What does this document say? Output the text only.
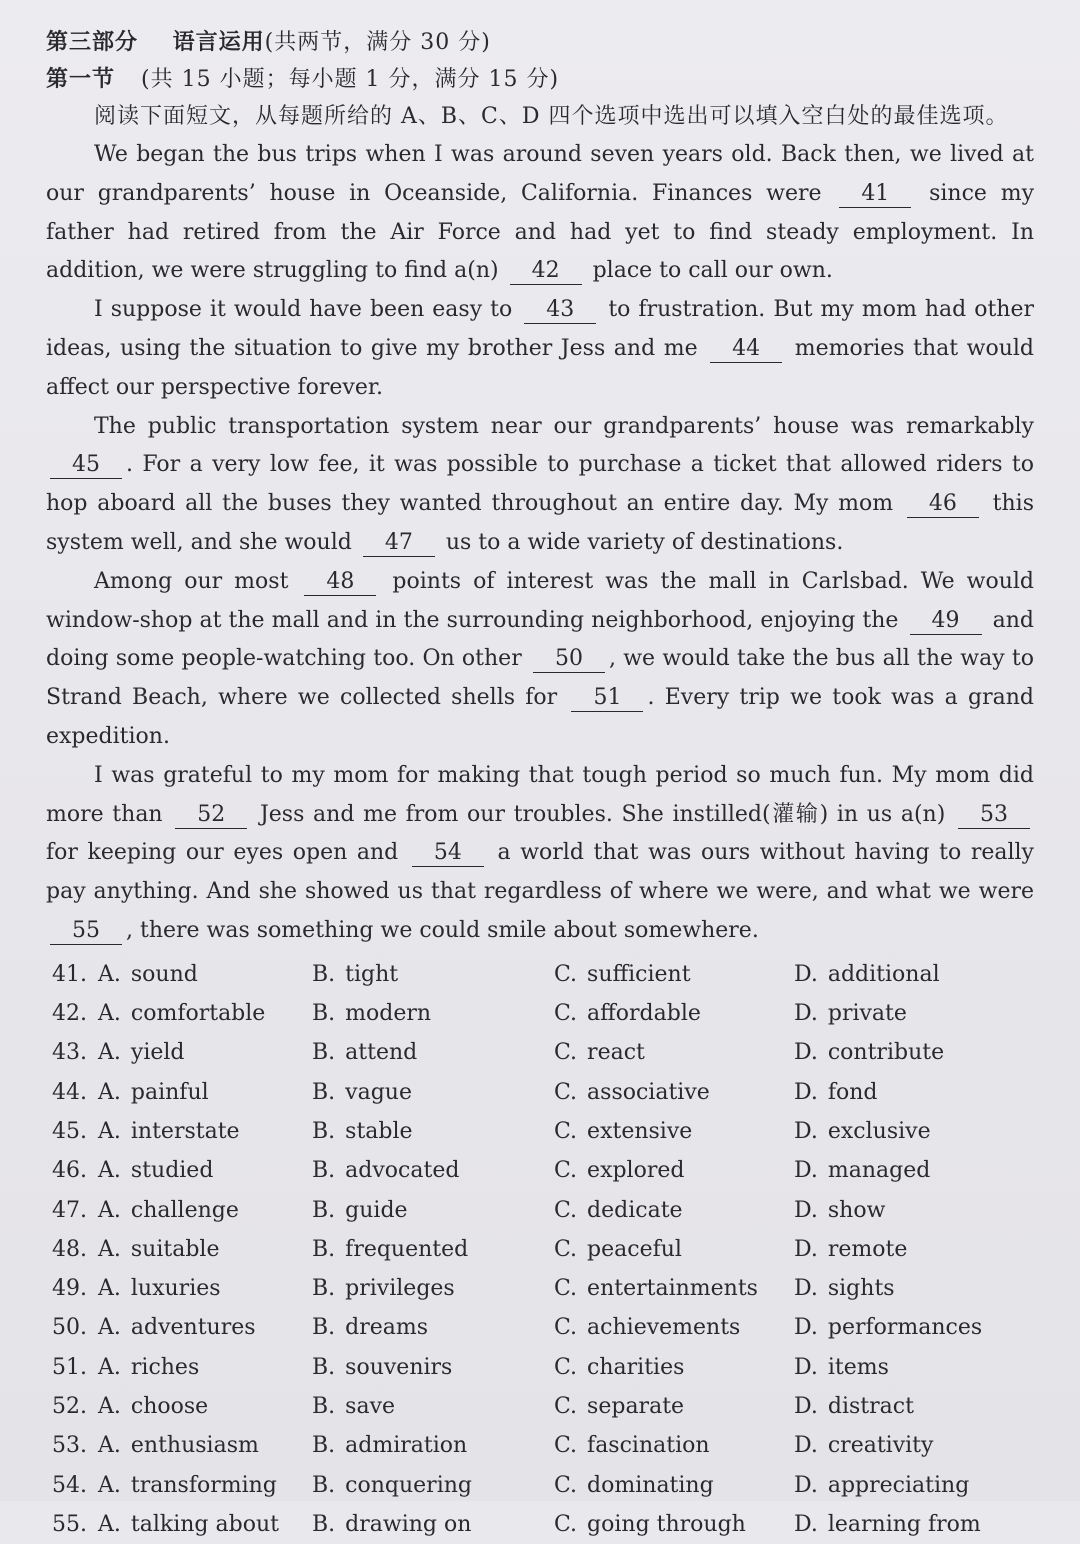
第三部分 语言运用(共两节，满分 30 分)
第一节 (共 15 小题；每小题 1 分，满分 15 分)

阅读下面短文，从每题所给的 A、B、C、D 四个选项中选出可以填入空白处的最佳选项。

We began the bus trips when I was around seven years old. Back then, we lived at our grandparents’ house in Oceanside, California. Finances were 41 since my father had retired from the Air Force and had yet to find steady employment. In addition, we were struggling to find a(n) 42 place to call our own.

I suppose it would have been easy to 43 to frustration. But my mom had other ideas, using the situation to give my brother Jess and me 44 memories that would affect our perspective forever.

The public transportation system near our grandparents’ house was remarkably 45 . For a very low fee, it was possible to purchase a ticket that allowed riders to hop aboard all the buses they wanted throughout an entire day. My mom 46 this system well, and she would 47 us to a wide variety of destinations.

Among our most 48 points of interest was the mall in Carlsbad. We would window-shop at the mall and in the surrounding neighborhood, enjoying the 49 and doing some people-watching too. On other 50 , we would take the bus all the way to Strand Beach, where we collected shells for 51 . Every trip we took was a grand expedition.

I was grateful to my mom for making that tough period so much fun. My mom did more than 52 Jess and me from our troubles. She instilled(灌输) in us a(n) 53 for keeping our eyes open and 54 a world that was ours without having to really pay anything. And she showed us that regardless of where we were, and what we were 55 , there was something we could smile about somewhere.

41. A. sound	B. tight	C. sufficient	D. additional
42. A. comfortable	B. modern	C. affordable	D. private
43. A. yield	B. attend	C. react	D. contribute
44. A. painful	B. vague	C. associative	D. fond
45. A. interstate	B. stable	C. extensive	D. exclusive
46. A. studied	B. advocated	C. explored	D. managed
47. A. challenge	B. guide	C. dedicate	D. show
48. A. suitable	B. frequented	C. peaceful	D. remote
49. A. luxuries	B. privileges	C. entertainments	D. sights
50. A. adventures	B. dreams	C. achievements	D. performances
51. A. riches	B. souvenirs	C. charities	D. items
52. A. choose	B. save	C. separate	D. distract
53. A. enthusiasm	B. admiration	C. fascination	D. creativity
54. A. transforming	B. conquering	C. dominating	D. appreciating
55. A. talking about	B. drawing on	C. going through	D. learning from
